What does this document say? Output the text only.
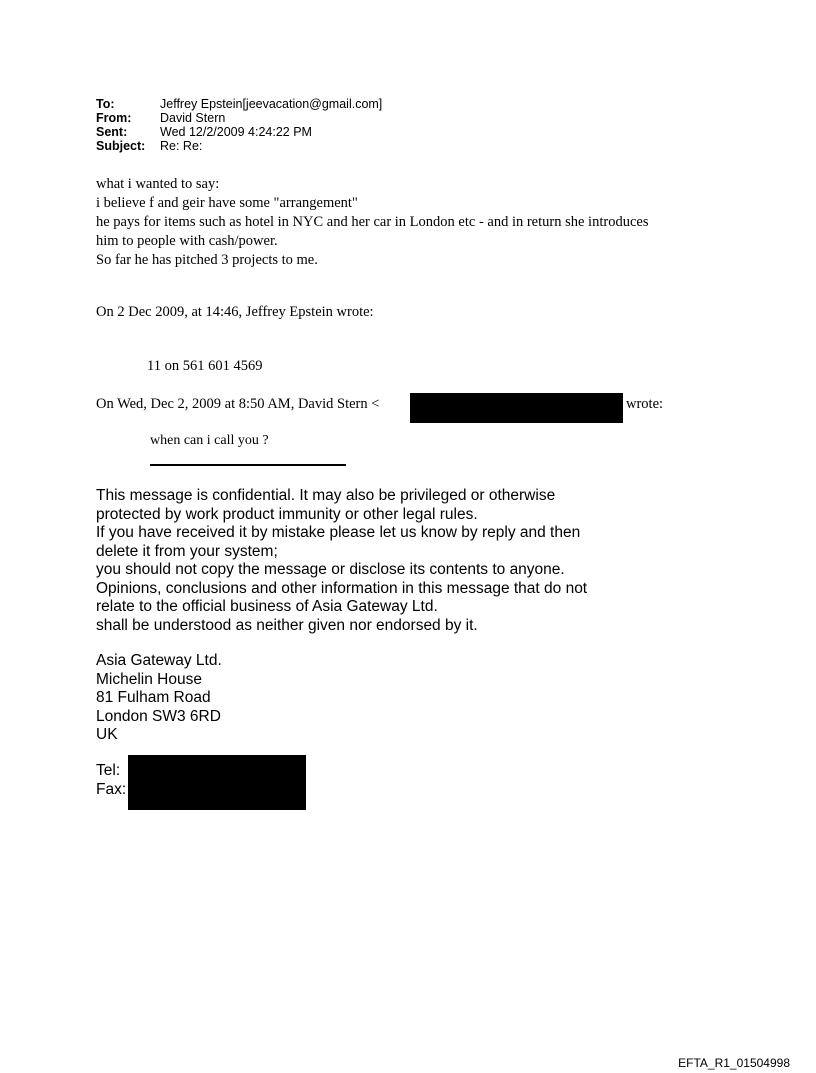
To:	Jeffrey Epstein[jeevacation@gmail.com]
From:	David Stern
Sent:	Wed 12/2/2009 4:24:22 PM
Subject:	Re: Re:
what i wanted to say:
i believe f and geir have some "arrangement"
he pays for items such as hotel in NYC and her car in London etc - and in return she introduces
him to people with cash/power.
So far he has pitched 3 projects to me.
On 2 Dec 2009, at 14:46, Jeffrey Epstein wrote:
11 on 561 601 4569
On Wed, Dec 2, 2009 at 8:50 AM, David Stern <	wrote:
when can i call you ?
This message is confidential. It may also be privileged or otherwise
protected by work product immunity or other legal rules.
If you have received it by mistake please let us know by reply and then
delete it from your system;
you should not copy the message or disclose its contents to anyone.
Opinions, conclusions and other information in this message that do not
relate to the official business of Asia Gateway Ltd.
shall be understood as neither given nor endorsed by it.
Asia Gateway Ltd.
Michelin House
81 Fulham Road
London SW3 6RD
UK
Tel:
Fax:
EFTA_R1_01504998
